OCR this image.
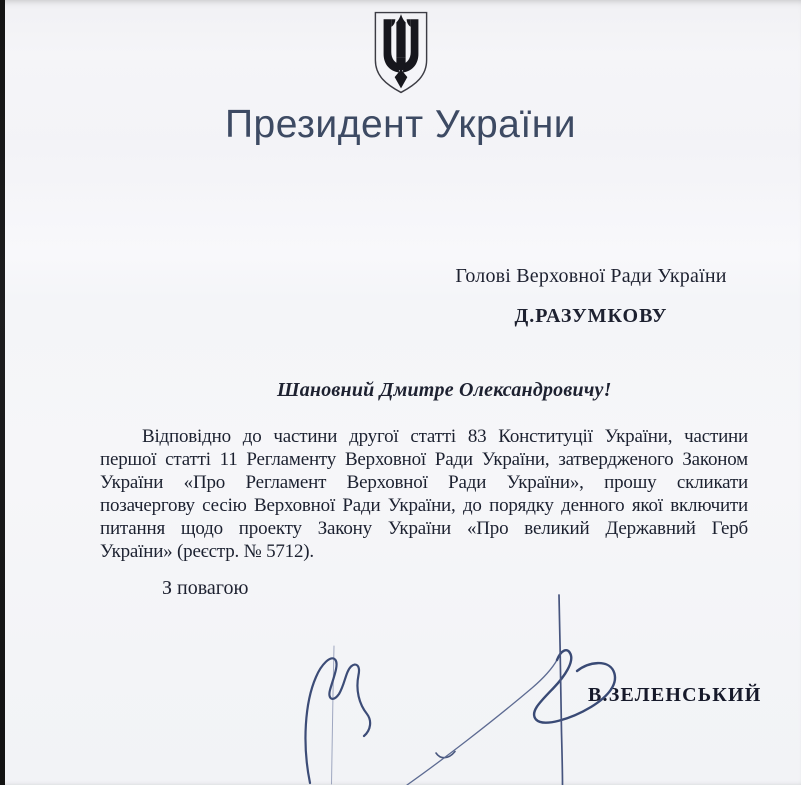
Президент України
Голові Верховної Ради України
Д.РАЗУМКОВУ
Шановний Дмитре Олександровичу!
Відповідно до частини другої статті 83 Конституції України, частини
першої статті 11 Регламенту Верховної Ради України, затвердженого Законом
України «Про Регламент Верховної Ради України», прошу скликати
позачергову сесію Верховної Ради України, до порядку денного якої включити
питання щодо проекту Закону України «Про великий Державний Герб
України» (реєстр. № 5712).
З повагою
В.ЗЕЛЕНСЬКИЙ
